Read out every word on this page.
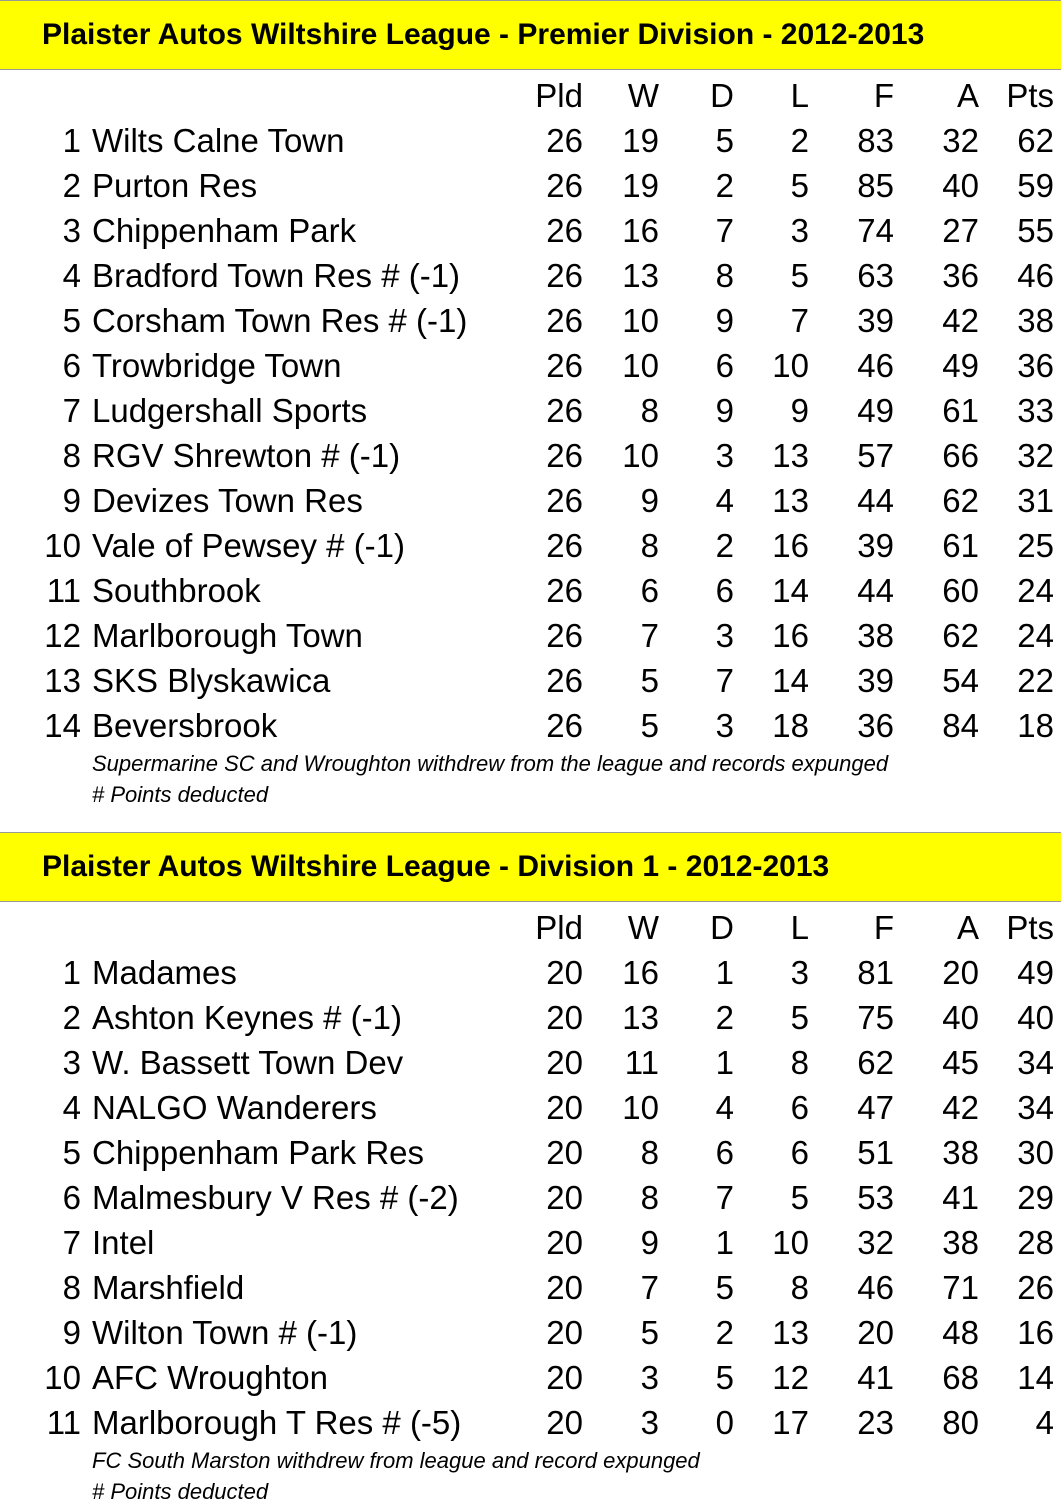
Plaister Autos Wiltshire League - Premier Division - 2012-2013
Pld W D L F A Pts
1 Wilts Calne Town	26 19 5 2 83 32 62
2 Purton Res	26 19 2 5 85 40 59
3 Chippenham Park	26 16 7 3 74 27 55
4 Bradford Town Res # (-1)	26 13 8 5 63 36 46
5 Corsham Town Res # (-1) 26 10 9 7 39 42 38
6 Trowbridge Town	26 10 6 10 46 49 36
7 Ludgershall Sports	26 8 9 9 49 61 33
8 RGV Shrewton # (-1)	26 10 3 13 57 66 32
9 Devizes Town Res	26 9 4 13 44 62 31
10 Vale of Pewsey # (-1)	26 8 2 16 39 61 25
11 Southbrook	26 6 6 14 44 60 24
12 Marlborough Town	26 7 3 16 38 62 24
13 SKS Blyskawica	26 5 7 14 39 54 22
14 Beversbrook	26 5 3 18 36 84 18
Supermarine SC and Wroughton withdrew from the league and records expunged
# Points deducted
Plaister Autos Wiltshire League - Division 1 - 2012-2013
Pld W D L F A Pts
1 Madames	20 16 1 3 81 20 49
2 Ashton Keynes # (-1)	20 13 2 5 75 40 40
3 W. Bassett Town Dev	20 11 1 8 62 45 34
4 NALGO Wanderers	20 10 4 6 47 42 34
5 Chippenham Park Res	20 8 6 6 51 38 30
6 Malmesbury V Res # (-2)	20 8 7 5 53 41 29
7 Intel	20 9 1 10 32 38 28
8 Marshfield	20 7 5 8 46 71 26
9 Wilton Town # (-1)	20 5 2 13 20 48 16
10 AFC Wroughton	20 3 5 12 41 68 14
11 Marlborough T Res # (-5)	20 3 0 17 23 80 4
FC South Marston withdrew from league and record expunged
# Points deducted
